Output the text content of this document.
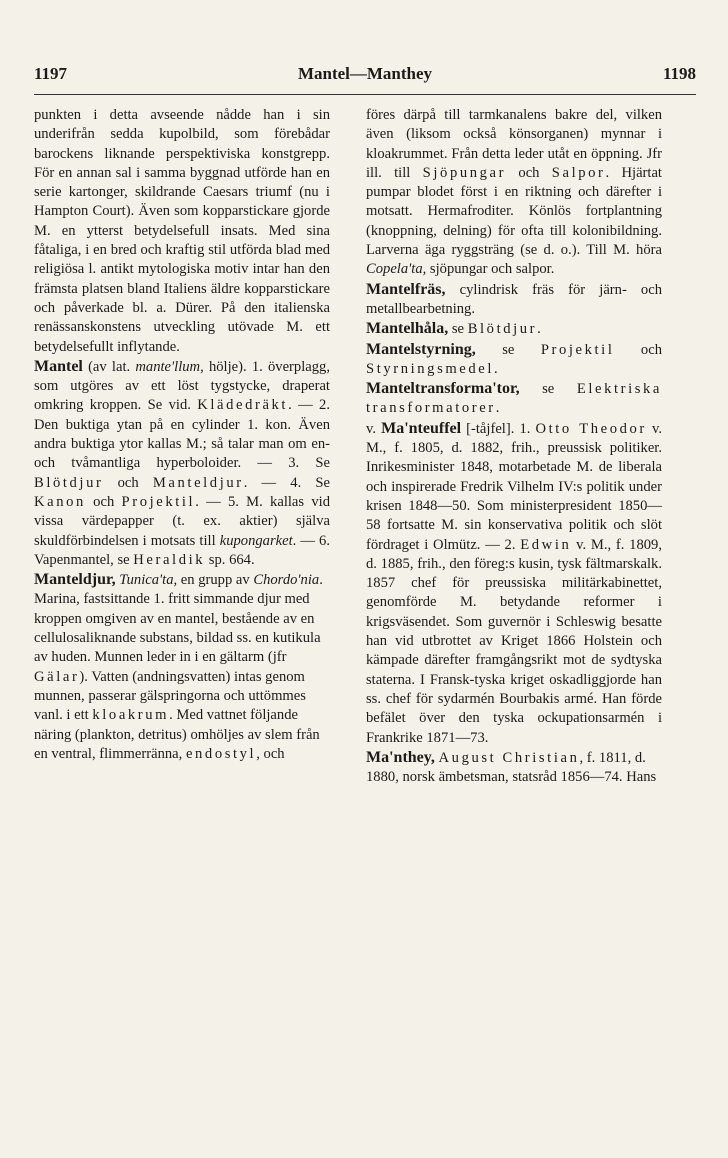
1197	Mantel—Manthey	1198

punkten i detta avseende nådde han i sin underifrån sedda kupolbild, som förebådar barockens liknande perspektiviska konstgrepp. För en annan sal i samma byggnad utförde han en serie kartonger, skildrande Caesars triumf (nu i Hampton Court). Även som kopparstickare gjorde M. en ytterst betydelsefull insats. Med sina fåtaliga, i en bred och kraftig stil utförda blad med religiösa l. antikt mytologiska motiv intar han den främsta platsen bland Italiens äldre kopparstickare och påverkade bl. a. Dürer. På den italienska renässanskonstens utveckling utövade M. ett betydelsefullt inflytande.

Mantel (av lat. mante'llum, hölje). 1. överplagg, som utgöres av ett löst tygstycke, draperat omkring kroppen. Se vid. Klädedräkt. — 2. Den buktiga ytan på en cylinder 1. kon. Även andra buktiga ytor kallas M.; så talar man om en- och tvåmantliga hyperboloider. — 3. Se Blötdjur och Manteldjur. — 4. Se Kanon och Projektil. — 5. M. kallas vid vissa värdepapper (t. ex. aktier) själva skuldförbindelsen i motsats till kupongarket. — 6. Vapenmantel, se Heraldik sp. 664.

Manteldjur, Tunica'ta, en grupp av Chordo'nia. Marina, fastsittande 1. fritt simmande djur med kroppen omgiven av en mantel, bestående av en cellulosaliknande substans, bildad ss. en kutikula av huden. Munnen leder in i en gältarm (jfr Gälar). Vatten (andningsvatten) intas genom munnen, passerar gälspringorna och uttömmes vanl. i ett kloakrum. Med vattnet följande näring (plankton, detritus) omhöljes av slem från en ventral, flimmerränna, endostyl, och

föres därpå till tarmkanalens bakre del, vilken även (liksom också könsorganen) mynnar i kloakrummet. Från detta leder utåt en öppning. Jfr ill. till Sjöpungar och Salpor. Hjärtat pumpar blodet först i en riktning och därefter i motsatt. Hermafroditer. Könlös fortplantning (knoppning, delning) för ofta till kolonibildning. Larverna äga ryggsträng (se d. o.). Till M. höra Copela'ta, sjöpungar och salpor.

Mantelfräs, cylindrisk fräs för järn- och metallbearbetning.

Mantelhåla, se Blötdjur.

Mantelstyrning, se Projektil och Styrningsmedel.

Manteltransforma'tor, se Elektriska transformatorer.

v. Ma'nteuffel [-tåjfel]. 1. Otto Theodor v. M., f. 1805, d. 1882, frih., preussisk politiker. Inrikesminister 1848, motarbetade M. de liberala och inspirerade Fredrik Vilhelm IV:s politik under krisen 1848—50. Som ministerpresident 1850—58 fortsatte M. sin konservativa politik och slöt fördraget i Olmütz. — 2. Edwin v. M., f. 1809, d. 1885, frih., den föreg:s kusin, tysk fältmarskalk. 1857 chef för preussiska militärkabinettet, genomförde M. betydande reformer i krigsväsendet. Som guvernör i Schleswig besatte han vid utbrottet av Kriget 1866 Holstein och kämpade därefter framgångsrikt mot de sydtyska staterna. I Fransk-tyska kriget oskadliggjorde han ss. chef för sydarmén Bourbakis armé. Han förde befälet över den tyska ockupationsarmén i Frankrike 1871—73.

Ma'nthey, August Christian, f. 1811, d. 1880, norsk ämbetsman, statsråd 1856—74. Hans
